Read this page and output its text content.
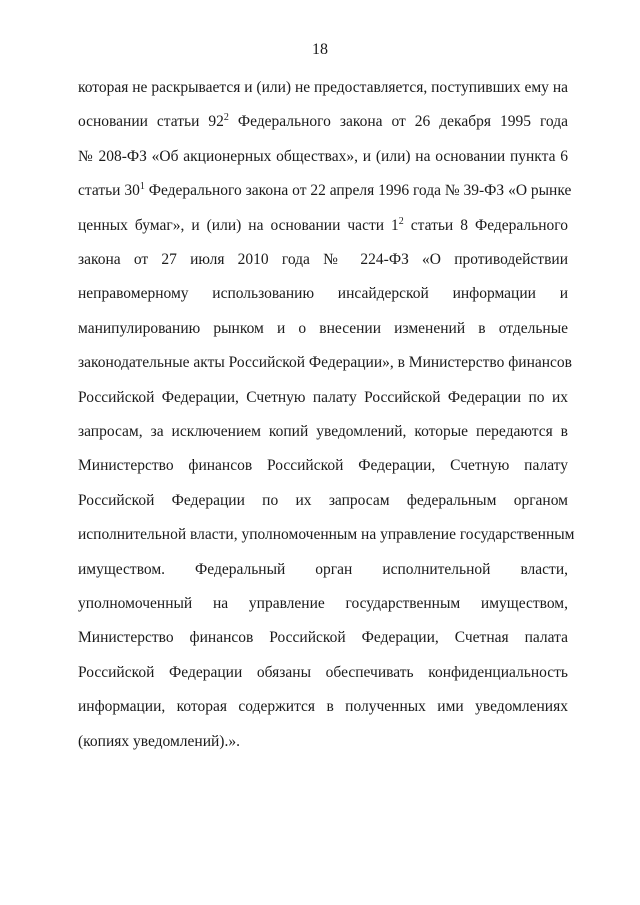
18
которая не раскрывается и (или) не предоставляется, поступивших ему на
основании статьи $92^2$ Федерального закона от 26 декабря 1995 года
№ 208-ФЗ «Об акционерных обществах», и (или) на основании пункта 6
статьи $30^1$ Федерального закона от 22 апреля 1996 года № 39-ФЗ «О рынке
ценных бумаг», и (или) на основании части $1^2$ статьи 8 Федерального
закона от 27 июля 2010 года № 224-ФЗ «О противодействии
неправомерному использованию инсайдерской информации и
манипулированию рынком и о внесении изменений в отдельные
законодательные акты Российской Федерации», в Министерство финансов
Российской Федерации, Счетную палату Российской Федерации по их
запросам, за исключением копий уведомлений, которые передаются в
Министерство финансов Российской Федерации, Счетную палату
Российской Федерации по их запросам федеральным органом
исполнительной власти, уполномоченным на управление государственным
имуществом. Федеральный орган исполнительной власти,
уполномоченный на управление государственным имуществом,
Министерство финансов Российской Федерации, Счетная палата
Российской Федерации обязаны обеспечивать конфиденциальность
информации, которая содержится в полученных ими уведомлениях
(копиях уведомлений).».
